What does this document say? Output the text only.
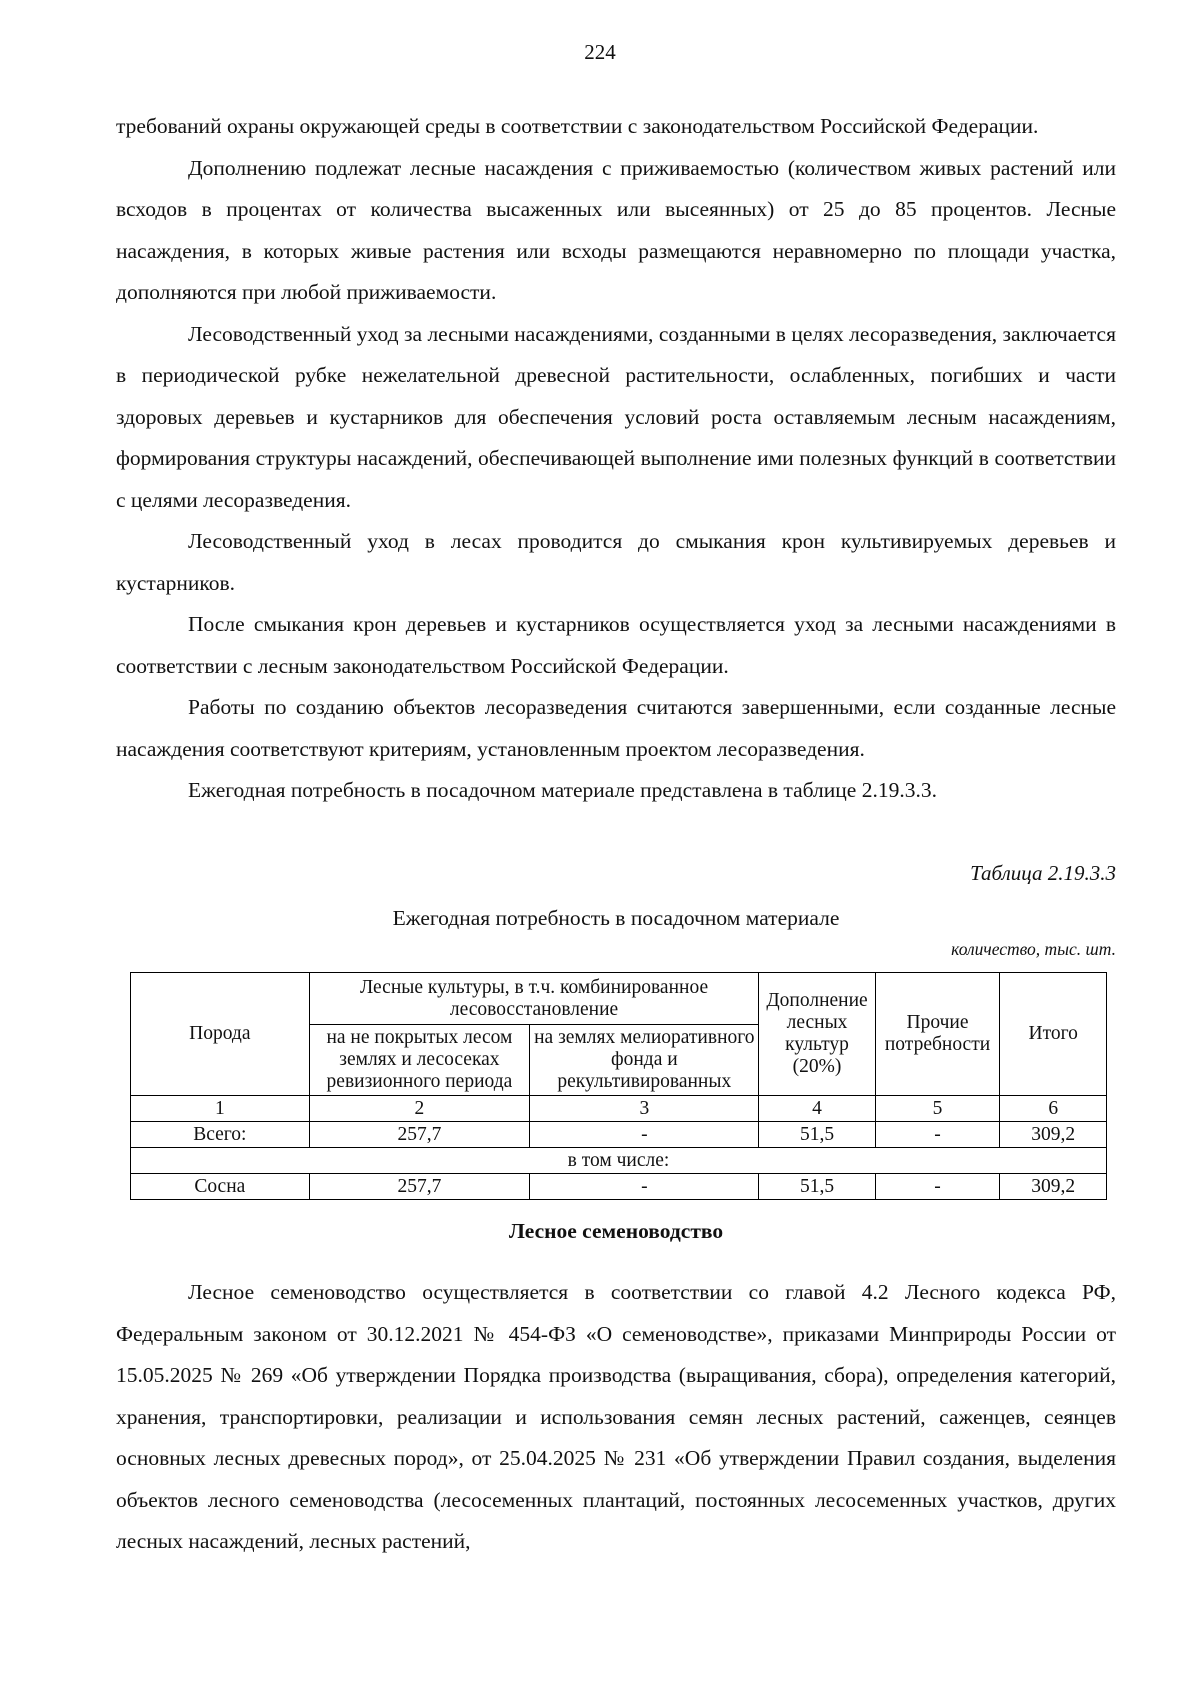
224

требований охраны окружающей среды в соответствии с законодательством Российской Федерации.

Дополнению подлежат лесные насаждения с приживаемостью (количеством живых растений или всходов в процентах от количества высаженных или высеянных) от 25 до 85 процентов. Лесные насаждения, в которых живые растения или всходы размещаются неравномерно по площади участка, дополняются при любой приживаемости.

Лесоводственный уход за лесными насаждениями, созданными в целях лесоразведения, заключается в периодической рубке нежелательной древесной растительности, ослабленных, погибших и части здоровых деревьев и кустарников для обеспечения условий роста оставляемым лесным насаждениям, формирования структуры насаждений, обеспечивающей выполнение ими полезных функций в соответствии с целями лесоразведения.

Лесоводственный уход в лесах проводится до смыкания крон культивируемых деревьев и кустарников.

После смыкания крон деревьев и кустарников осуществляется уход за лесными насаждениями в соответствии с лесным законодательством Российской Федерации.

Работы по созданию объектов лесоразведения считаются завершенными, если созданные лесные насаждения соответствуют критериям, установленным проектом лесоразведения.

Ежегодная потребность в посадочном материале представлена в таблице 2.19.3.3.

Таблица 2.19.3.3
Ежегодная потребность в посадочном материале
количество, тыс. шт.
Порода	Лесные культуры, в т.ч. комбинированное лесовосстановление		Дополнение лесных культур (20%)	Прочие потребности	Итого
	на не покрытых лесом землях и лесосеках ревизионного периода	на землях мелиоративного фонда и рекультивированных			
1	2	3	4	5	6
Всего:	257,7	-	51,5	-	309,2
в том числе:					
Сосна	257,7	-	51,5	-	309,2
Лесное семеноводство

Лесное семеноводство осуществляется в соответствии со главой 4.2 Лесного кодекса РФ, Федеральным законом от 30.12.2021 № 454-ФЗ «О семеноводстве», приказами Минприроды России от 15.05.2025 № 269 «Об утверждении Порядка производства (выращивания, сбора), определения категорий, хранения, транспортировки, реализации и использования семян лесных растений, саженцев, сеянцев основных лесных древесных пород», от 25.04.2025 № 231 «Об утверждении Правил создания, выделения объектов лесного семеноводства (лесосеменных плантаций, постоянных лесосеменных участков, других лесных насаждений, лесных растений,
